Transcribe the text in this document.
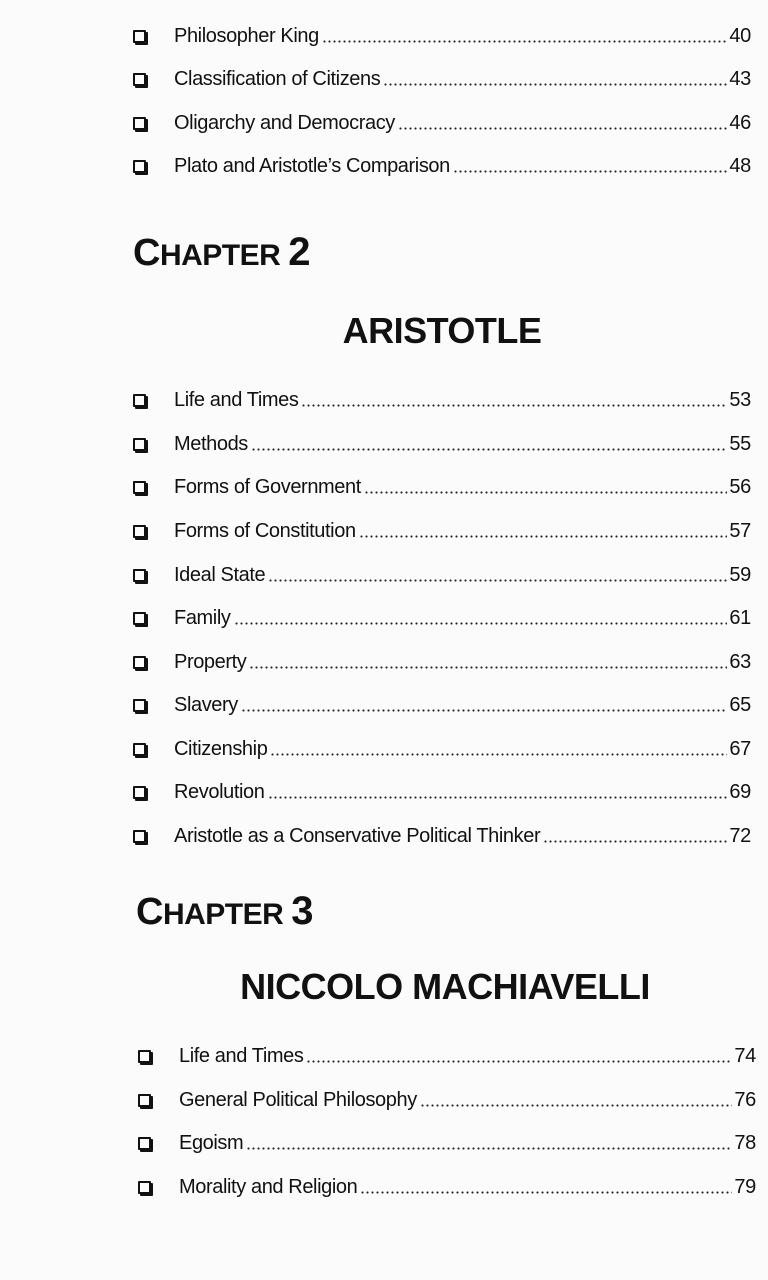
Philosopher King	40
Classification of Citizens	43
Oligarchy and Democracy	46
Plato and Aristotle’s Comparison	48
CHAPTER 2
ARISTOTLE
Life and Times	53
Methods	55
Forms of Government	56
Forms of Constitution	57
Ideal State	59
Family	61
Property	63
Slavery	65
Citizenship	67
Revolution	69
Aristotle as a Conservative Political Thinker	72
CHAPTER 3
NICCOLO MACHIAVELLI
Life and Times	74
General Political Philosophy	76
Egoism	78
Morality and Religion	79
